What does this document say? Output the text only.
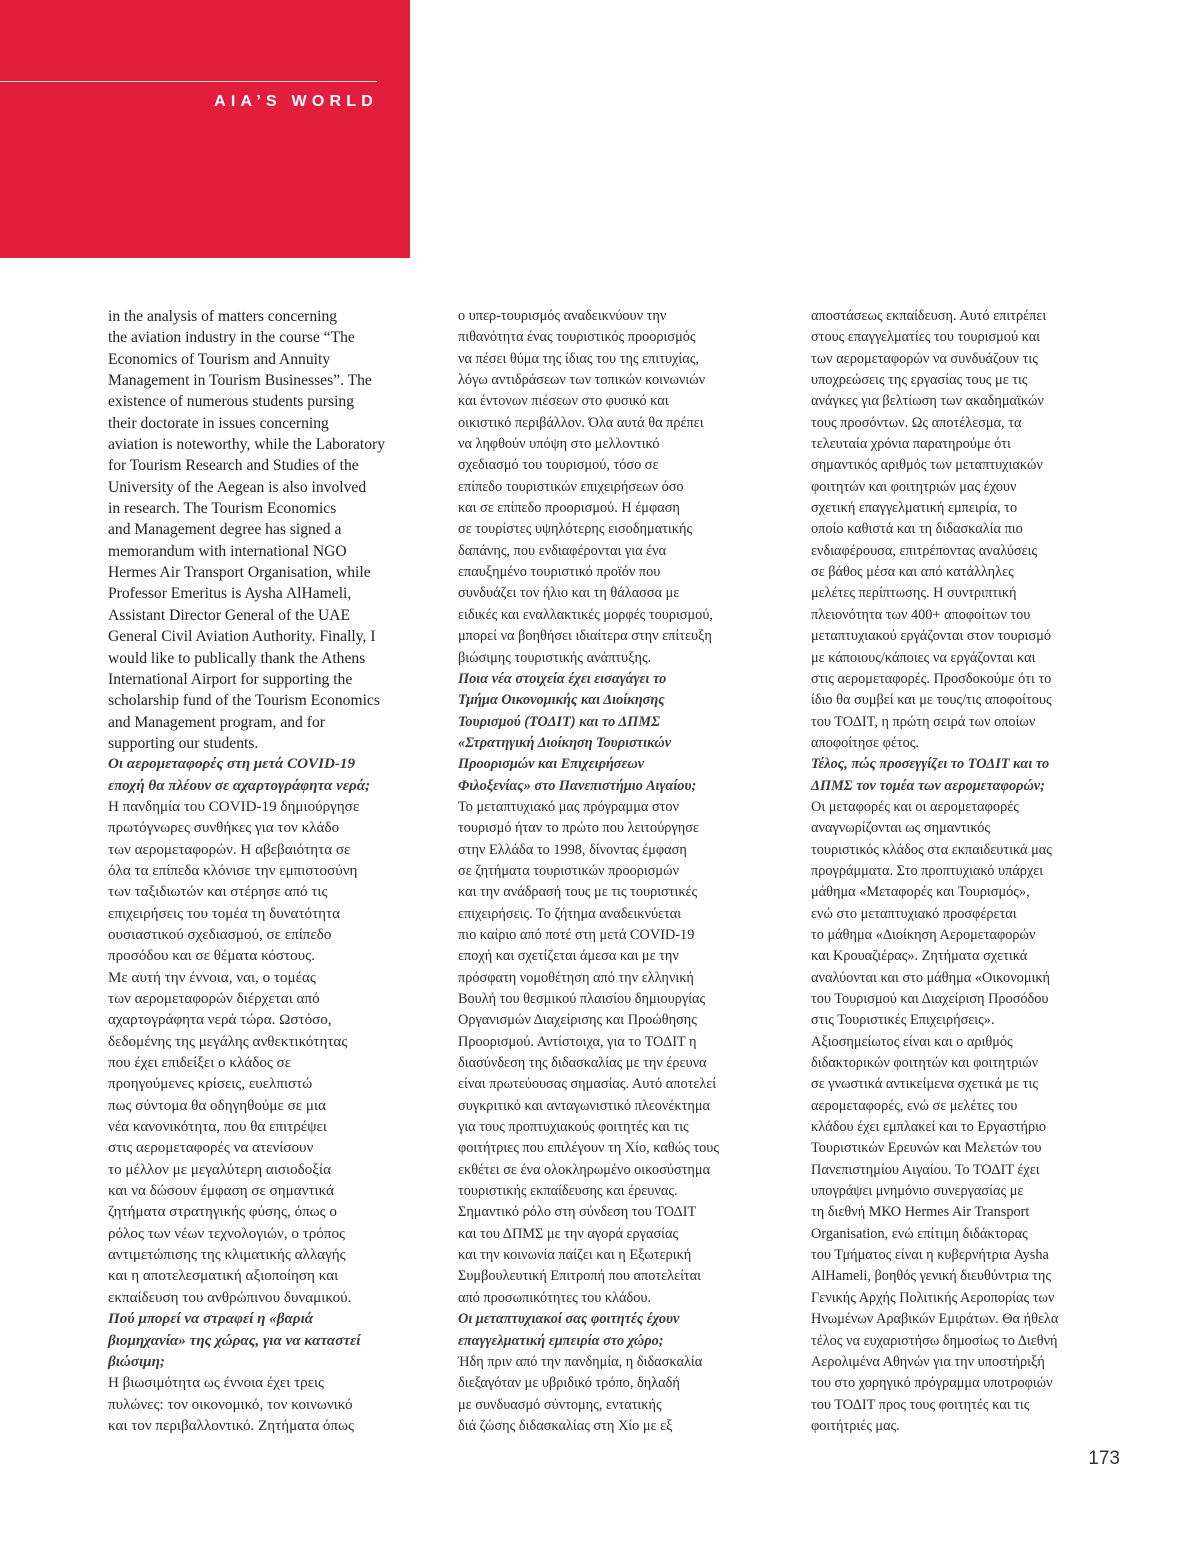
AIA’S WORLD
in the analysis of matters concerning
the aviation industry in the course “The
Economics of Tourism and Annuity
Management in Tourism Businesses”. The
existence of numerous students pursing
their doctorate in issues concerning
aviation is noteworthy, while the Laboratory
for Tourism Research and Studies of the
University of the Aegean is also involved
in research. The Tourism Economics
and Management degree has signed a
memorandum with international NGO
Hermes Air Transport Organisation, while
Professor Emeritus is Aysha AlHameli,
Assistant Director General of the UAE
General Civil Aviation Authority. Finally, I
would like to publically thank the Athens
International Airport for supporting the
scholarship fund of the Tourism Economics
and Management program, and for
supporting our students.
Οι αερομεταφορές στη μετά COVID-19
εποχή θα πλέουν σε αχαρτογράφητα νερά;
Η πανδημία του COVID-19 δημιούργησε
πρωτόγνωρες συνθήκες για τον κλάδο
των αερομεταφορών. Η αβεβαιότητα σε
όλα τα επίπεδα κλόνισε την εμπιστοσύνη
των ταξιδιωτών και στέρησε από τις
επιχειρήσεις του τομέα τη δυνατότητα
ουσιαστικού σχεδιασμού, σε επίπεδο
προσόδου και σε θέματα κόστους.
Με αυτή την έννοια, ναι, ο τομέας
των αερομεταφορών διέρχεται από
αχαρτογράφητα νερά τώρα. Ωστόσο,
δεδομένης της μεγάλης ανθεκτικότητας
που έχει επιδείξει ο κλάδος σε
προηγούμενες κρίσεις, ευελπιστώ
πως σύντομα θα οδηγηθούμε σε μια
νέα κανονικότητα, που θα επιτρέψει
στις αερομεταφορές να ατενίσουν
το μέλλον με μεγαλύτερη αισιοδοξία
και να δώσουν έμφαση σε σημαντικά
ζητήματα στρατηγικής φύσης, όπως ο
ρόλος των νέων τεχνολογιών, ο τρόπος
αντιμετώπισης της κλιματικής αλλαγής
και η αποτελεσματική αξιοποίηση και
εκπαίδευση του ανθρώπινου δυναμικού.
Πού μπορεί να στραφεί η «βαριά
βιομηχανία» της χώρας, για να καταστεί
βιώσιμη;
Η βιωσιμότητα ως έννοια έχει τρεις
πυλώνες: τον οικονομικό, τον κοινωνικό
και τον περιβαλλοντικό. Ζητήματα όπως
ο υπερ-τουρισμός αναδεικνύουν την
πιθανότητα ένας τουριστικός προορισμός
να πέσει θύμα της ίδιας του της επιτυχίας,
λόγω αντιδράσεων των τοπικών κοινωνιών
και έντονων πιέσεων στο φυσικό και
οικιστικό περιβάλλον. Όλα αυτά θα πρέπει
να ληφθούν υπόψη στο μελλοντικό
σχεδιασμό του τουρισμού, τόσο σε
επίπεδο τουριστικών επιχειρήσεων όσο
και σε επίπεδο προορισμού. Η έμφαση
σε τουρίστες υψηλότερης εισοδηματικής
δαπάνης, που ενδιαφέρονται για ένα
επαυξημένο τουριστικό προϊόν που
συνδυάζει τον ήλιο και τη θάλασσα με
ειδικές και εναλλακτικές μορφές τουρισμού,
μπορεί να βοηθήσει ιδιαίτερα στην επίτευξη
βιώσιμης τουριστικής ανάπτυξης.
Ποια νέα στοιχεία έχει εισαγάγει το
Τμήμα Οικονομικής και Διοίκησης
Τουρισμού (ΤΟΔΙΤ) και το ΔΠΜΣ
«Στρατηγική Διοίκηση Τουριστικών
Προορισμών και Επιχειρήσεων
Φιλοξενίας» στο Πανεπιστήμιο Αιγαίου;
Το μεταπτυχιακό μας πρόγραμμα στον
τουρισμό ήταν το πρώτο που λειτούργησε
στην Ελλάδα το 1998, δίνοντας έμφαση
σε ζητήματα τουριστικών προορισμών
και την ανάδρασή τους με τις τουριστικές
επιχειρήσεις. Το ζήτημα αναδεικνύεται
πιο καίριο από ποτέ στη μετά COVID-19
εποχή και σχετίζεται άμεσα και με την
πρόσφατη νομοθέτηση από την ελληνική
Βουλή του θεσμικού πλαισίου δημιουργίας
Οργανισμών Διαχείρισης και Προώθησης
Προορισμού. Αντίστοιχα, για το ΤΟΔΙΤ η
διασύνδεση της διδασκαλίας με την έρευνα
είναι πρωτεύουσας σημασίας. Αυτό αποτελεί
συγκριτικό και ανταγωνιστικό πλεονέκτημα
για τους προπτυχιακούς φοιτητές και τις
φοιτήτριες που επιλέγουν τη Χίο, καθώς τους
εκθέτει σε ένα ολοκληρωμένο οικοσύστημα
τουριστικής εκπαίδευσης και έρευνας.
Σημαντικό ρόλο στη σύνδεση του ΤΟΔΙΤ
και του ΔΠΜΣ με την αγορά εργασίας
και την κοινωνία παίζει και η Εξωτερική
Συμβουλευτική Επιτροπή που αποτελείται
από προσωπικότητες του κλάδου.
Οι μεταπτυχιακοί σας φοιτητές έχουν
επαγγελματική εμπειρία στο χώρο;
Ήδη πριν από την πανδημία, η διδασκαλία
διεξαγόταν με υβριδικό τρόπο, δηλαδή
με συνδυασμό σύντομης, εντατικής
διά ζώσης διδασκαλίας στη Χίο με εξ
αποστάσεως εκπαίδευση. Αυτό επιτρέπει
στους επαγγελματίες του τουρισμού και
των αερομεταφορών να συνδυάζουν τις
υποχρεώσεις της εργασίας τους με τις
ανάγκες για βελτίωση των ακαδημαϊκών
τους προσόντων. Ως αποτέλεσμα, τα
τελευταία χρόνια παρατηρούμε ότι
σημαντικός αριθμός των μεταπτυχιακών
φοιτητών και φοιτητριών μας έχουν
σχετική επαγγελματική εμπειρία, το
οποίο καθιστά και τη διδασκαλία πιο
ενδιαφέρουσα, επιτρέποντας αναλύσεις
σε βάθος μέσα και από κατάλληλες
μελέτες περίπτωσης. Η συντριπτική
πλειονότητα των 400+ αποφοίτων του
μεταπτυχιακού εργάζονται στον τουρισμό
με κάποιους/κάποιες να εργάζονται και
στις αερομεταφορές. Προσδοκούμε ότι το
ίδιο θα συμβεί και με τους/τις αποφοίτους
του ΤΟΔΙΤ, η πρώτη σειρά των οποίων
αποφοίτησε φέτος.
Τέλος, πώς προσεγγίζει το ΤΟΔΙΤ και το
ΔΠΜΣ τον τομέα των αερομεταφορών;
Οι μεταφορές και οι αερομεταφορές
αναγνωρίζονται ως σημαντικός
τουριστικός κλάδος στα εκπαιδευτικά μας
προγράμματα. Στο προπτυχιακό υπάρχει
μάθημα «Μεταφορές και Τουρισμός»,
ενώ στο μεταπτυχιακό προσφέρεται
το μάθημα «Διοίκηση Αερομεταφορών
και Κρουαζιέρας». Ζητήματα σχετικά
αναλύονται και στο μάθημα «Οικονομική
του Τουρισμού και Διαχείριση Προσόδου
στις Τουριστικές Επιχειρήσεις».
Αξιοσημείωτος είναι και ο αριθμός
διδακτορικών φοιτητών και φοιτητριών
σε γνωστικά αντικείμενα σχετικά με τις
αερομεταφορές, ενώ σε μελέτες του
κλάδου έχει εμπλακεί και το Εργαστήριο
Τουριστικών Ερευνών και Μελετών του
Πανεπιστημίου Αιγαίου. Το ΤΟΔΙΤ έχει
υπογράψει μνημόνιο συνεργασίας με
τη διεθνή ΜΚΟ Hermes Air Transport
Organisation, ενώ επίτιμη διδάκτορας
του Τμήματος είναι η κυβερνήτρια Aysha
AlHameli, βοηθός γενική διευθύντρια της
Γενικής Αρχής Πολιτικής Αεροπορίας των
Ηνωμένων Αραβικών Εμιράτων. Θα ήθελα
τέλος να ευχαριστήσω δημοσίως το Διεθνή
Αερολιμένα Αθηνών για την υποστήριξή
του στο χορηγικό πρόγραμμα υποτροφιών
του ΤΟΔΙΤ προς τους φοιτητές και τις
φοιτήτριές μας.
173
